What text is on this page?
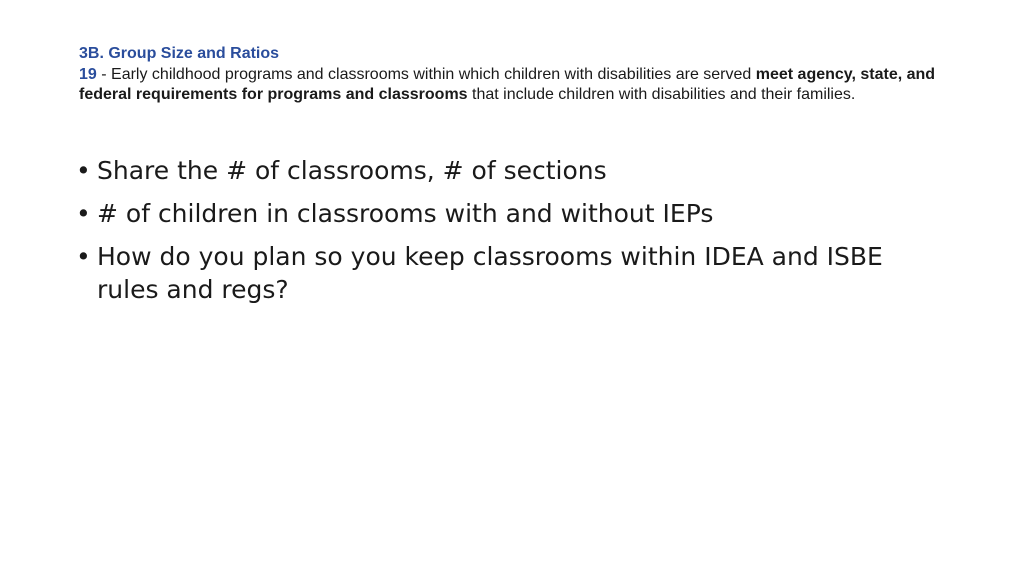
3B. Group Size and Ratios
19 - Early childhood programs and classrooms within which children with disabilities are served meet agency, state, and federal requirements for programs and classrooms that include children with disabilities and their families.
• Share the # of classrooms, # of sections
• # of children in classrooms with and without IEPs
• How do you plan so you keep classrooms within IDEA and ISBE rules and regs?
